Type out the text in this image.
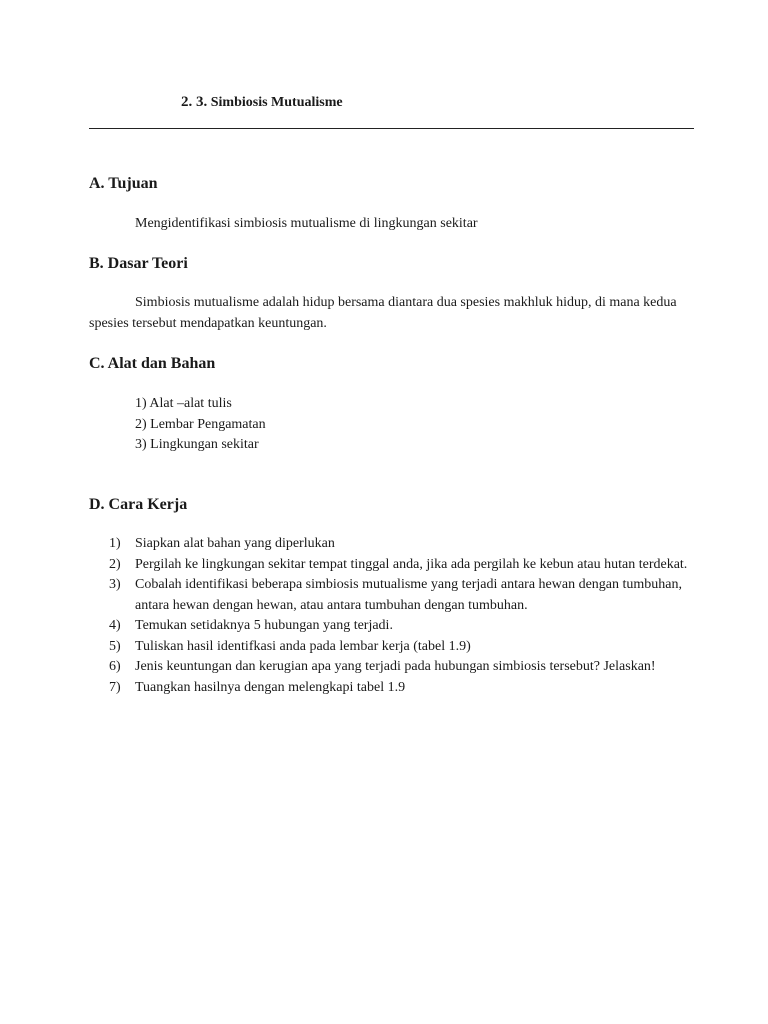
2. 3. Simbiosis Mutualisme
A. Tujuan
Mengidentifikasi simbiosis mutualisme di lingkungan sekitar
B. Dasar Teori
Simbiosis mutualisme adalah hidup bersama diantara dua spesies makhluk hidup, di mana kedua spesies tersebut mendapatkan keuntungan.
C. Alat dan Bahan
1) Alat –alat tulis
2) Lembar Pengamatan
3) Lingkungan sekitar
D. Cara Kerja
1)	Siapkan alat bahan yang diperlukan
2)	Pergilah ke lingkungan sekitar tempat tinggal anda, jika ada pergilah ke kebun atau hutan terdekat.
3)	Cobalah identifikasi beberapa simbiosis mutualisme yang terjadi antara hewan dengan tumbuhan, antara hewan dengan hewan, atau antara tumbuhan dengan tumbuhan.
4)	Temukan setidaknya 5 hubungan yang terjadi.
5)	Tuliskan hasil identifkasi anda pada lembar kerja (tabel 1.9)
6)	Jenis keuntungan dan kerugian apa yang terjadi pada hubungan simbiosis tersebut? Jelaskan!
7)	Tuangkan hasilnya dengan melengkapi tabel 1.9
